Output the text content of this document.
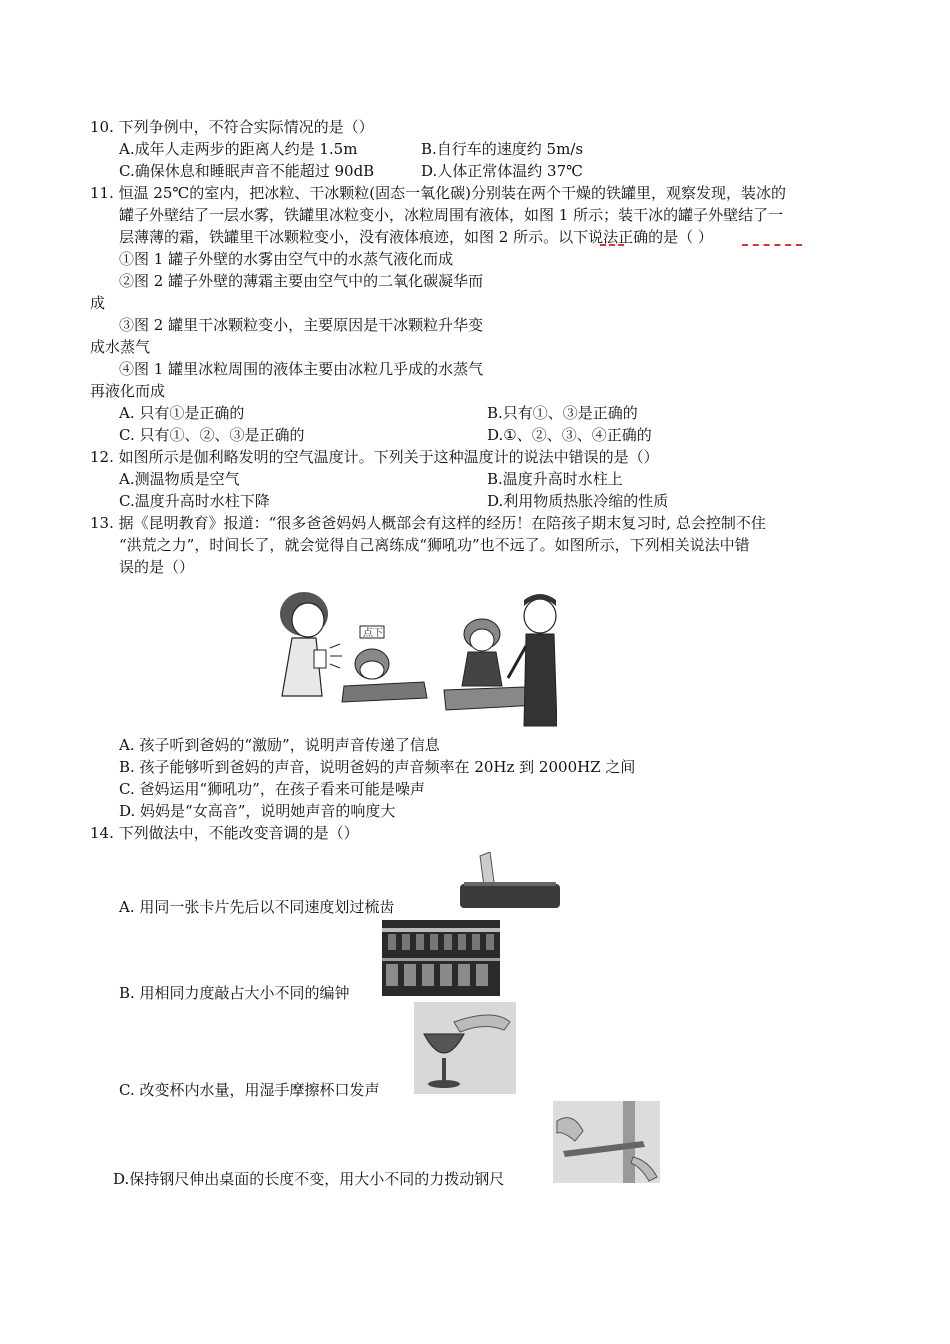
10. 下列争例中，不符合实际情况的是（）
A.成年人走两步的距离人约是 1.5m	B.自行车的速度约 5m/s
C.确保休息和睡眠声音不能超过 90dB	D.人体正常体温约 37℃
11. 恒温 25℃的室内，把冰粒、干冰颗粒(固态一氧化碳)分别装在两个干燥的铁罐里，观察发现，装冰的
罐子外壁结了一层水雾，铁罐里冰粒变小，冰粒周围有液体，如图 1 所示；装干冰的罐子外壁结了一
层薄薄的霜，铁罐里干冰颗粒变小，没有液体痕迹，如图 2 所示。以下说法正确的是（ ）
①图 1 罐子外壁的水雾由空气中的水蒸气液化而成
②图 2 罐子外壁的薄霜主要由空气中的二氧化碳凝华而
成
③图 2 罐里干冰颗粒变小，主要原因是干冰颗粒升华变
成水蒸气
④图 1 罐里冰粒周围的液体主要由冰粒几乎成的水蒸气
再液化而成
A. 只有①是正确的	B.只有①、③是正确的
C. 只有①、②、③是正确的	D.①、②、③、④正确的
12. 如图所示是伽利略发明的空气温度计。下列关于这种温度计的说法中错误的是（）
A.测温物质是空气	B.温度升高时水柱上
C.温度升高时水柱下降	D.利用物质热胀冷缩的性质
13. 据《昆明教育》报道：“很多爸爸妈妈人概部会有这样的经历！在陪孩子期末复习时, 总会控制不住
“洪荒之力”，时间长了，就会觉得自己离练成“狮吼功”也不远了。如图所示，下列相关说法中错
误的是（）
点下
A. 孩子听到爸妈的“激励”，说明声音传递了信息
B. 孩子能够听到爸妈的声音，说明爸妈的声音频率在 20Hz 到 2000HZ 之间
C. 爸妈运用“狮吼功”，在孩子看来可能是噪声
D. 妈妈是“女高音”，说明她声音的响度大
14. 下列做法中，不能改变音调的是（）
A. 用同一张卡片先后以不同速度划过梳齿
B. 用相同力度敲占大小不同的编钟
C. 改变杯内水量，用湿手摩擦杯口发声
D.保持钢尺伸出桌面的长度不变，用大小不同的力拨动钢尺
